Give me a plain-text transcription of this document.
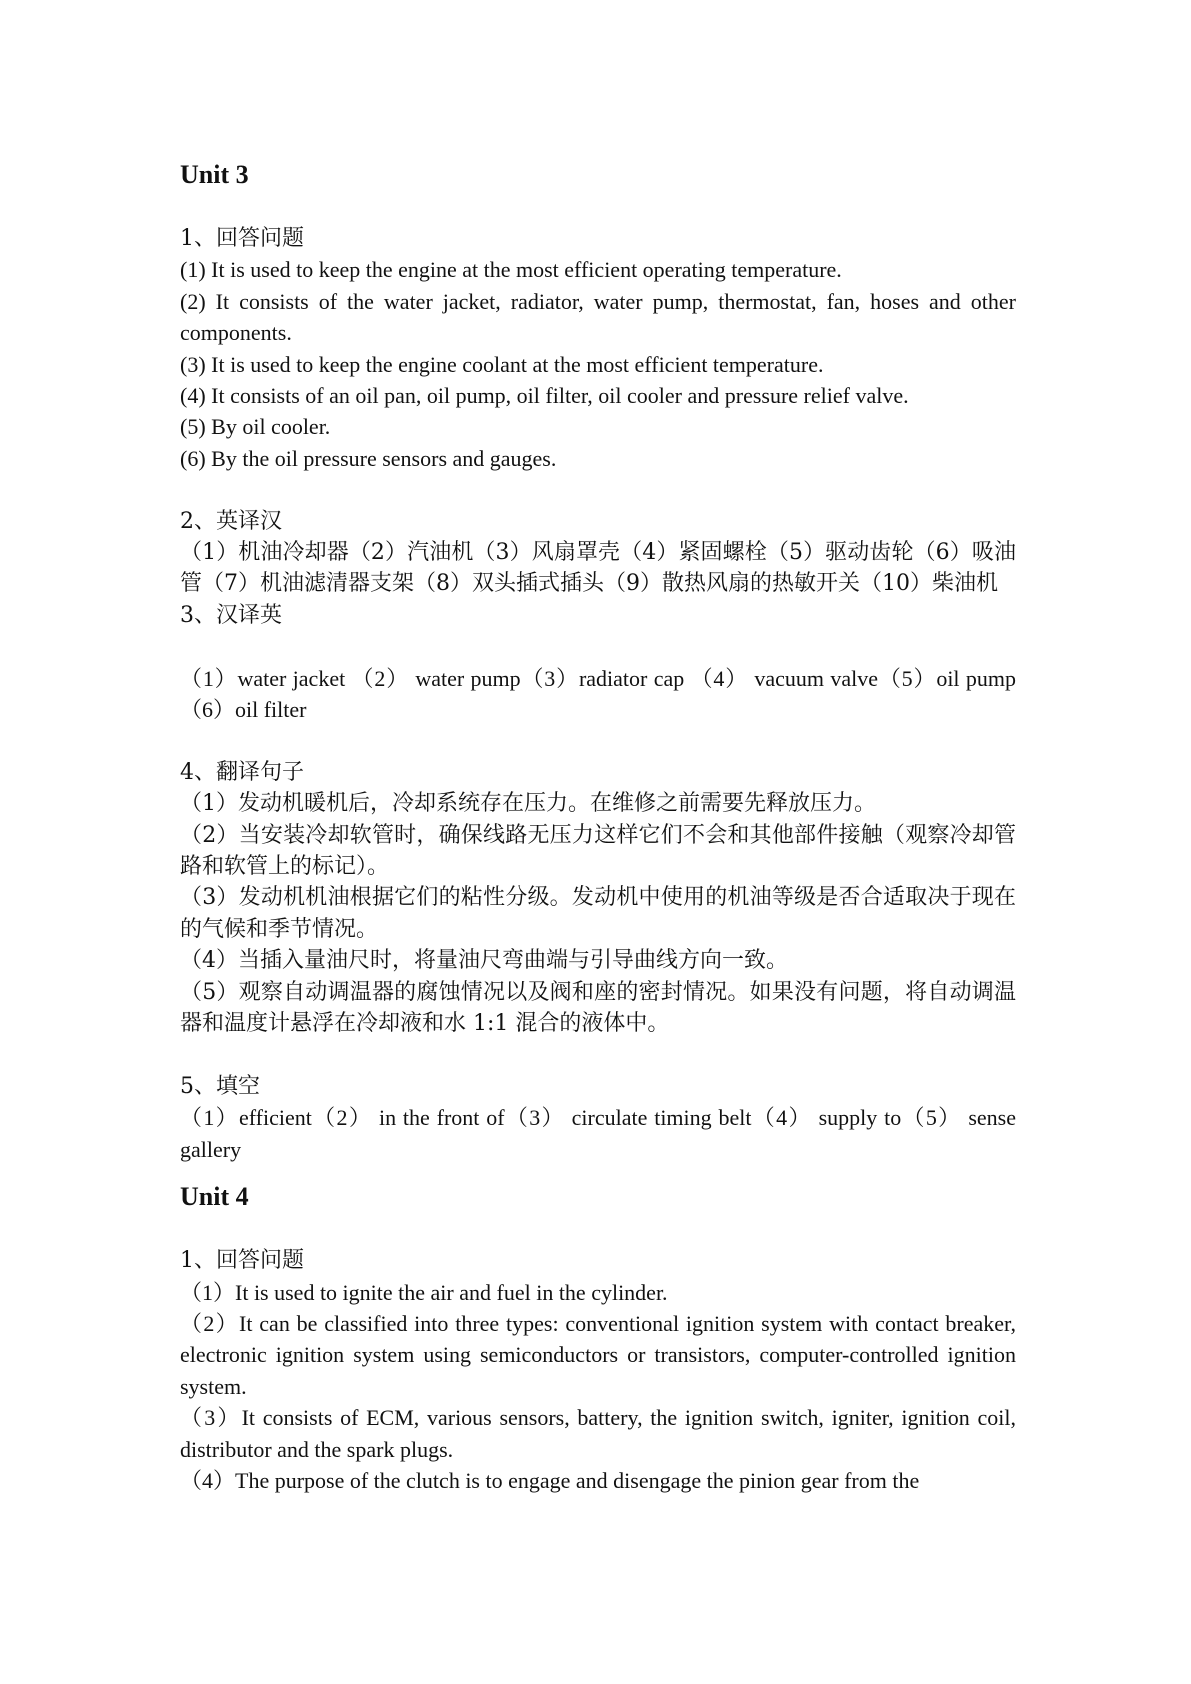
Unit 3

1、回答问题

(1) It is used to keep the engine at the most efficient operating temperature.

(2) It consists of the water jacket, radiator, water pump, thermostat, fan, hoses and other components.

(3) It is used to keep the engine coolant at the most efficient temperature.

(4) It consists of an oil pan, oil pump, oil filter, oil cooler and pressure relief valve.

(5) By oil cooler.

(6) By the oil pressure sensors and gauges.

2、英译汉

（1）机油冷却器（2）汽油机（3）风扇罩壳（4）紧固螺栓（5）驱动齿轮（6）吸油管（7）机油滤清器支架（8）双头插式插头（9）散热风扇的热敏开关（10）柴油机

3、汉译英

（1）water jacket （2） water pump（3）radiator cap （4） vacuum valve（5）oil pump（6）oil filter

4、翻译句子

（1）发动机暖机后，冷却系统存在压力。在维修之前需要先释放压力。

（2）当安装冷却软管时，确保线路无压力这样它们不会和其他部件接触（观察冷却管路和软管上的标记）。

（3）发动机机油根据它们的粘性分级。发动机中使用的机油等级是否合适取决于现在的气候和季节情况。

（4）当插入量油尺时，将量油尺弯曲端与引导曲线方向一致。

（5）观察自动调温器的腐蚀情况以及阀和座的密封情况。如果没有问题，将自动调温器和温度计悬浮在冷却液和水 1:1 混合的液体中。

5、填空

（1）efficient（2） in the front of（3） circulate timing belt（4） supply to（5） sense gallery

Unit 4

1、回答问题

（1）It is used to ignite the air and fuel in the cylinder.

（2）It can be classified into three types: conventional ignition system with contact breaker, electronic ignition system using semiconductors or transistors, computer-controlled ignition system.

（3）It consists of ECM, various sensors, battery, the ignition switch, igniter, ignition coil, distributor and the spark plugs.

（4）The purpose of the clutch is to engage and disengage the pinion gear from the
